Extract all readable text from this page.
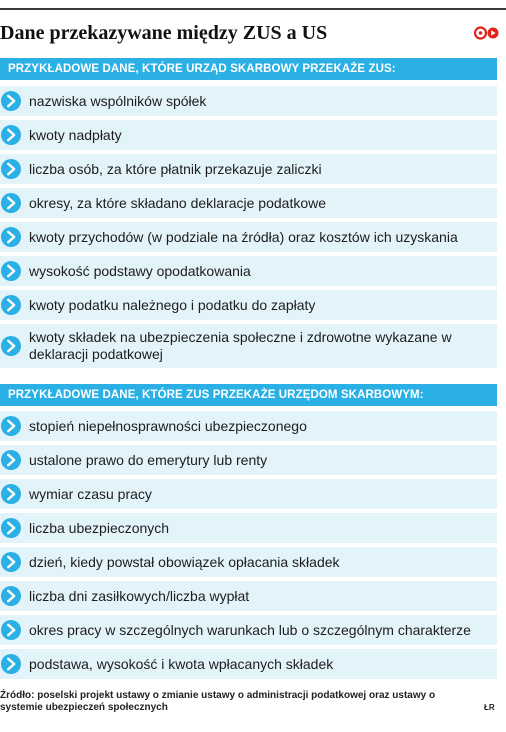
Dane przekazywane między ZUS a US
PRZYKŁADOWE DANE, KTÓRE URZĄD SKARBOWY PRZEKAŻE ZUS:
nazwiska wspólników spółek
kwoty nadpłaty
liczba osób, za które płatnik przekazuje zaliczki
okresy, za które składano deklaracje podatkowe
kwoty przychodów (w podziale na źródła) oraz kosztów ich uzyskania
wysokość podstawy opodatkowania
kwoty podatku należnego i podatku do zapłaty
kwoty składek na ubezpieczenia społeczne i zdrowotne wykazane w deklaracji podatkowej
PRZYKŁADOWE DANE, KTÓRE ZUS PRZEKAŻE URZĘDOM SKARBOWYM:
stopień niepełnosprawności ubezpieczonego
ustalone prawo do emerytury lub renty
wymiar czasu pracy
liczba ubezpieczonych
dzień, kiedy powstał obowiązek opłacania składek
liczba dni zasiłkowych/liczba wypłat
okres pracy w szczególnych warunkach lub o szczególnym charakterze
podstawa, wysokość i kwota wpłacanych składek
Źródło: poselski projekt ustawy o zmianie ustawy o administracji podatkowej oraz ustawy o systemie ubezpieczeń społecznych	ŁR
